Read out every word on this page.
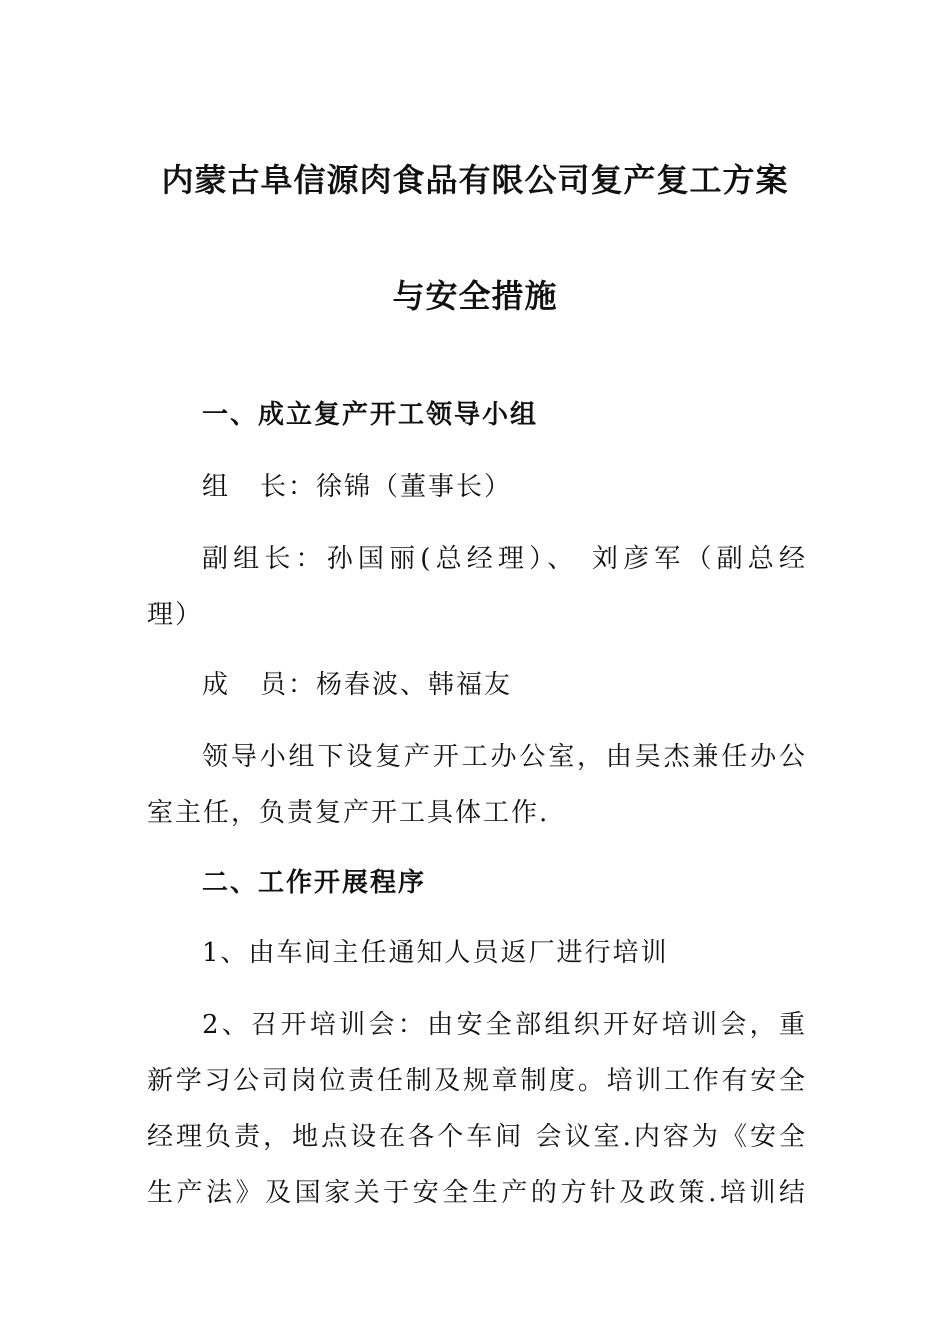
内蒙古阜信源肉食品有限公司复产复工方案
与安全措施
一、成立复产开工领导小组
组 长：徐锦（董事长）
副组长：孙国丽(总经理）、 刘彦军（副总经
理）
成 员：杨春波、韩福友
领导小组下设复产开工办公室，由吴杰兼任办公
室主任，负责复产开工具体工作.
二、工作开展程序
1、由车间主任通知人员返厂进行培训
2、召开培训会：由安全部组织开好培训会，重
新学习公司岗位责任制及规章制度。培训工作有安全
经理负责，地点设在各个车间 会议室.内容为《安全
生产法》及国家关于安全生产的方针及政策.培训结
